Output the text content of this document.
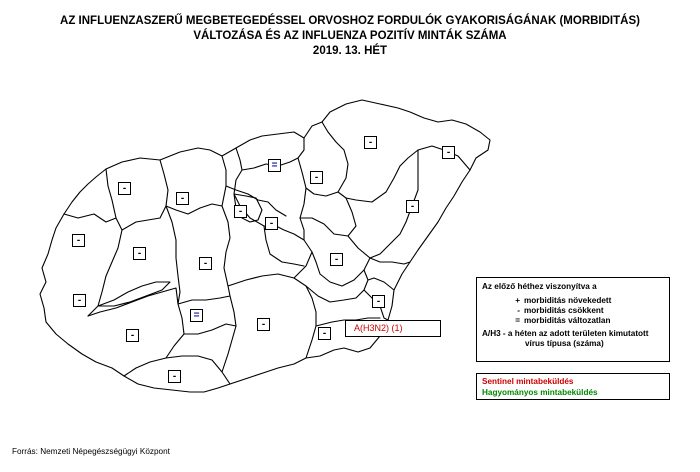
AZ INFLUENZASZERŰ MEGBETEGEDÉSSEL ORVOSHOZ FORDULÓK GYAKORISÁGÁNAK (MORBIDITÁS)
VÁLTOZÁSA ÉS AZ INFLUENZA POZITÍV MINTÁK SZÁMA
2019. 13. HÉT
-
-
=
-
-
-
-
-
-
-
-
-	-
-	-
=
-
-
-
-
A(H3N2) (1)
Az előző héthez viszonyítva a
+ morbiditás növekedett
- morbiditás csökkent
= morbiditás változatlan
A/H3 - a héten az adott területen kimutatott
vírus típusa (száma)
Sentinel mintabeküldés
Hagyományos mintabeküldés
Forrás: Nemzeti Népegészségügyi Központ
